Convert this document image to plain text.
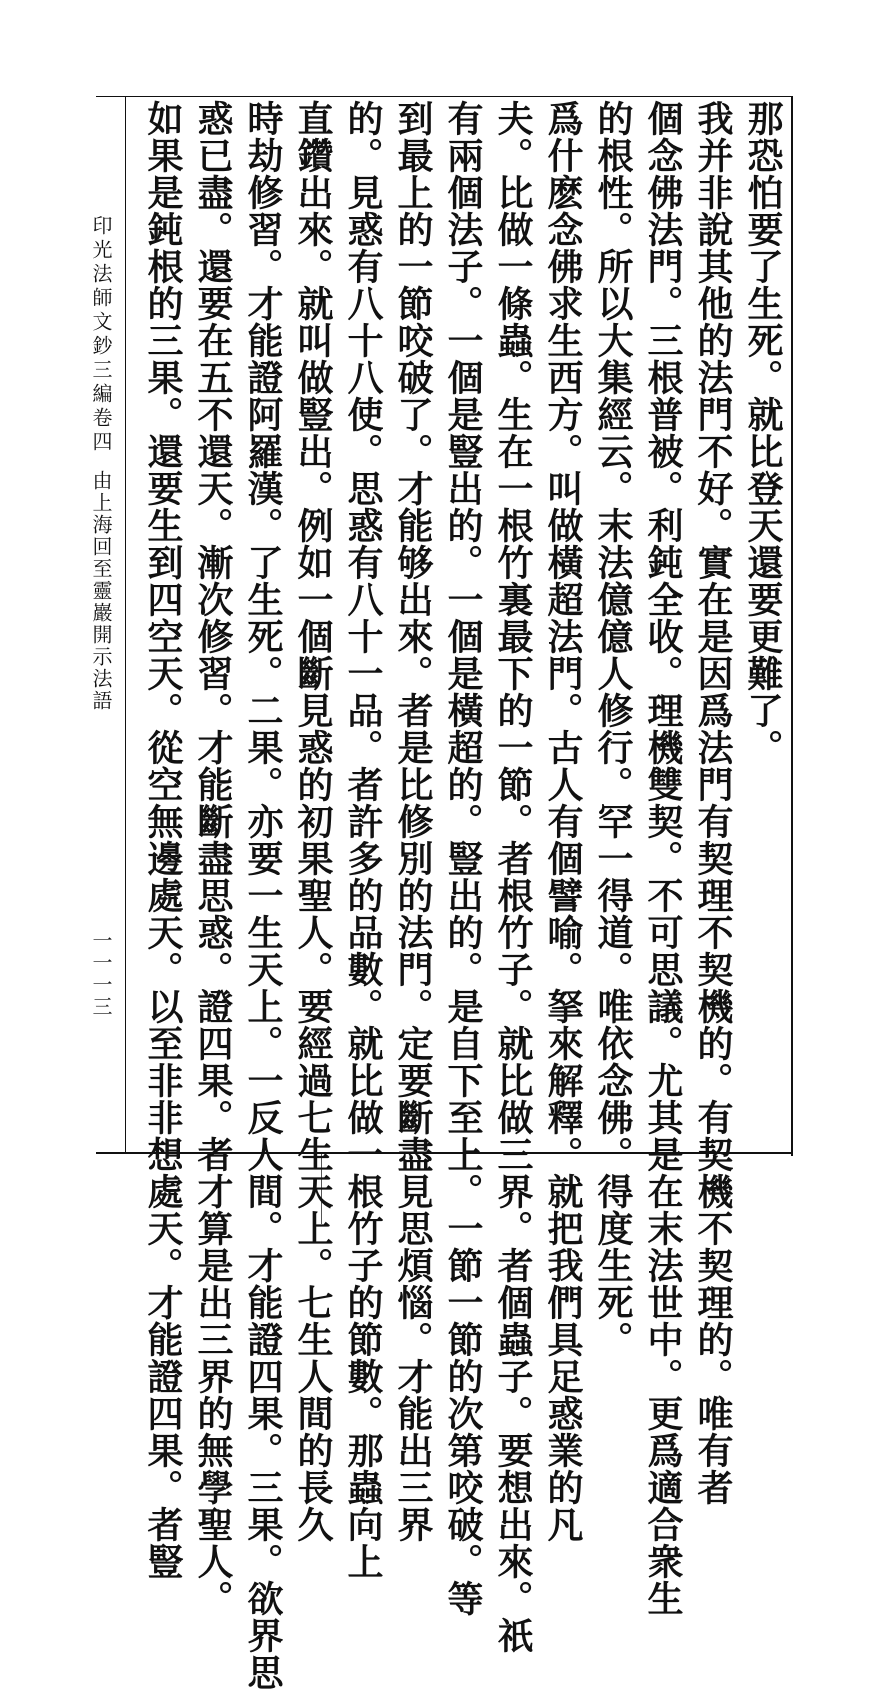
印光法師文鈔三編卷四
由上海回至靈巖開示法語
一一一三
那恐怕要了生死。就比登天還要更難了。
我并非說其他的法門不好。實在是因爲法門有契理不契機的。有契機不契理的。唯有者
個念佛法門。三根普被。利鈍全收。理機雙契。不可思議。尤其是在末法世中。更爲適合衆生
的根性。所以大集經云。末法億億人修行。罕一得道。唯依念佛。得度生死。
爲什麽念佛求生西方。叫做橫超法門。古人有個譬喻。拏來解釋。就把我們具足惑業的凡
夫。比做一條蟲。生在一根竹裏最下的一節。者根竹子。就比做三界。者個蟲子。要想出來。祇
有兩個法子。一個是豎出的。一個是橫超的。豎出的。是自下至上。一節一節的次第咬破。等
到最上的一節咬破了。才能够出來。者是比修別的法門。定要斷盡見思煩惱。才能出三界
的。見惑有八十八使。思惑有八十一品。者許多的品數。就比做一根竹子的節數。那蟲向上
直鑽出來。就叫做豎出。例如一個斷見惑的初果聖人。要經過七生天上。七生人間的長久
時劫修習。才能證阿羅漢。了生死。二果。亦要一生天上。一反人間。才能證四果。三果。欲界思
惑已盡。還要在五不還天。漸次修習。才能斷盡思惑。證四果。者才算是出三界的無學聖人。
如果是鈍根的三果。還要生到四空天。從空無邊處天。以至非非想處天。才能證四果。者豎
